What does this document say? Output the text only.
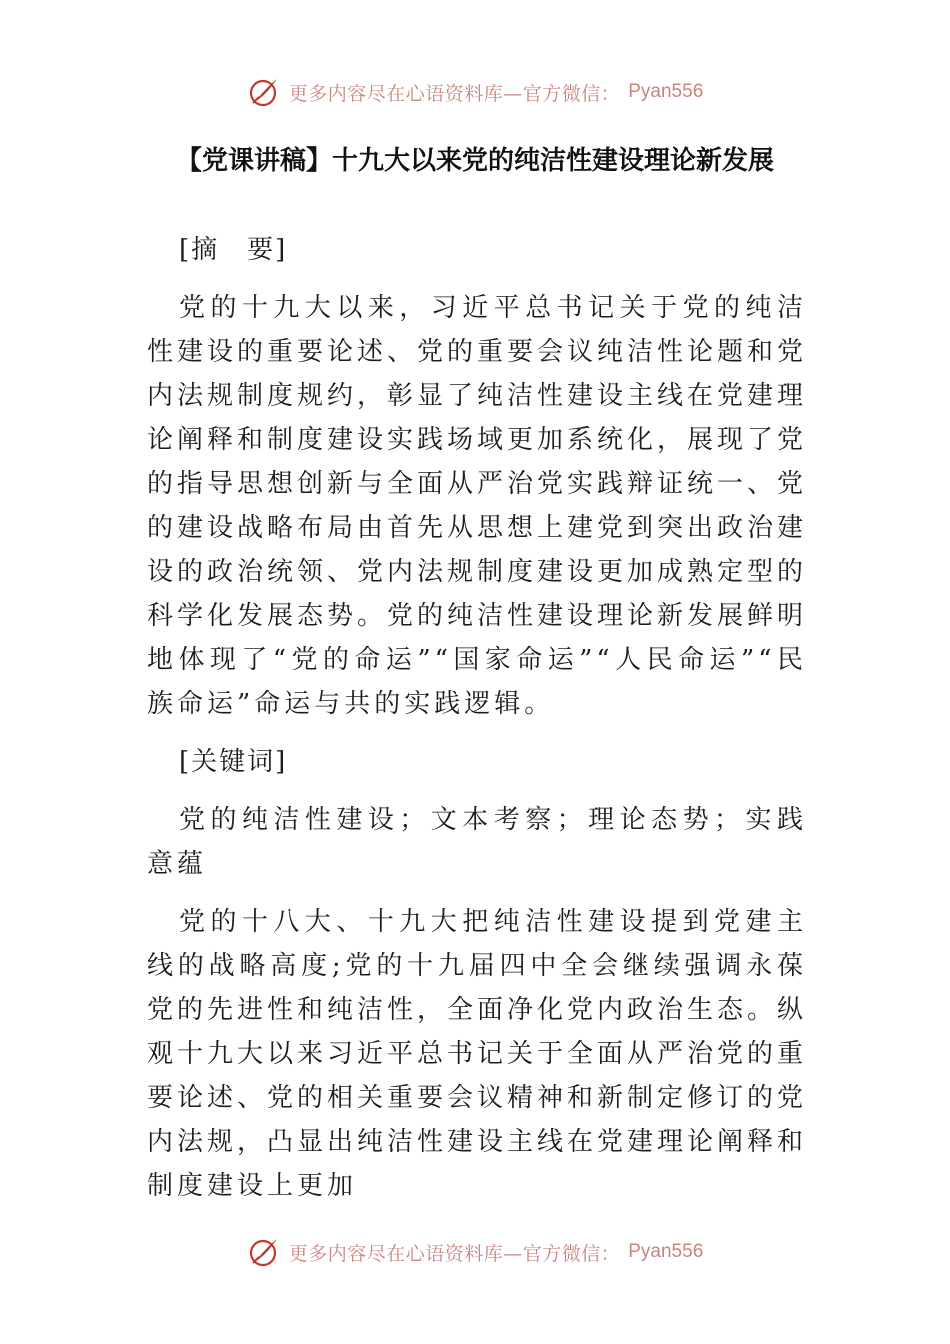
更多内容尽在心语资料库—官方微信： Pyan556
【党课讲稿】十九大以来党的纯洁性建设理论新发展

[摘　要]

党的十九大以来，习近平总书记关于党的纯洁性建设的重要论述、党的重要会议纯洁性论题和党内法规制度规约，彰显了纯洁性建设主线在党建理论阐释和制度建设实践场域更加系统化，展现了党的指导思想创新与全面从严治党实践辩证统一、党的建设战略布局由首先从思想上建党到突出政治建设的政治统领、党内法规制度建设更加成熟定型的科学化发展态势。党的纯洁性建设理论新发展鲜明地体现了“党的命运”“国家命运”“人民命运”“民族命运”命运与共的实践逻辑。

[关键词]

党的纯洁性建设；文本考察；理论态势；实践意蕴

党的十八大、十九大把纯洁性建设提到党建主线的战略高度;党的十九届四中全会继续强调永葆党的先进性和纯洁性，全面净化党内政治生态。纵观十九大以来习近平总书记关于全面从严治党的重要论述、党的相关重要会议精神和新制定修订的党内法规，凸显出纯洁性建设主线在党建理论阐释和制度建设上更加

更多内容尽在心语资料库—官方微信： Pyan556
